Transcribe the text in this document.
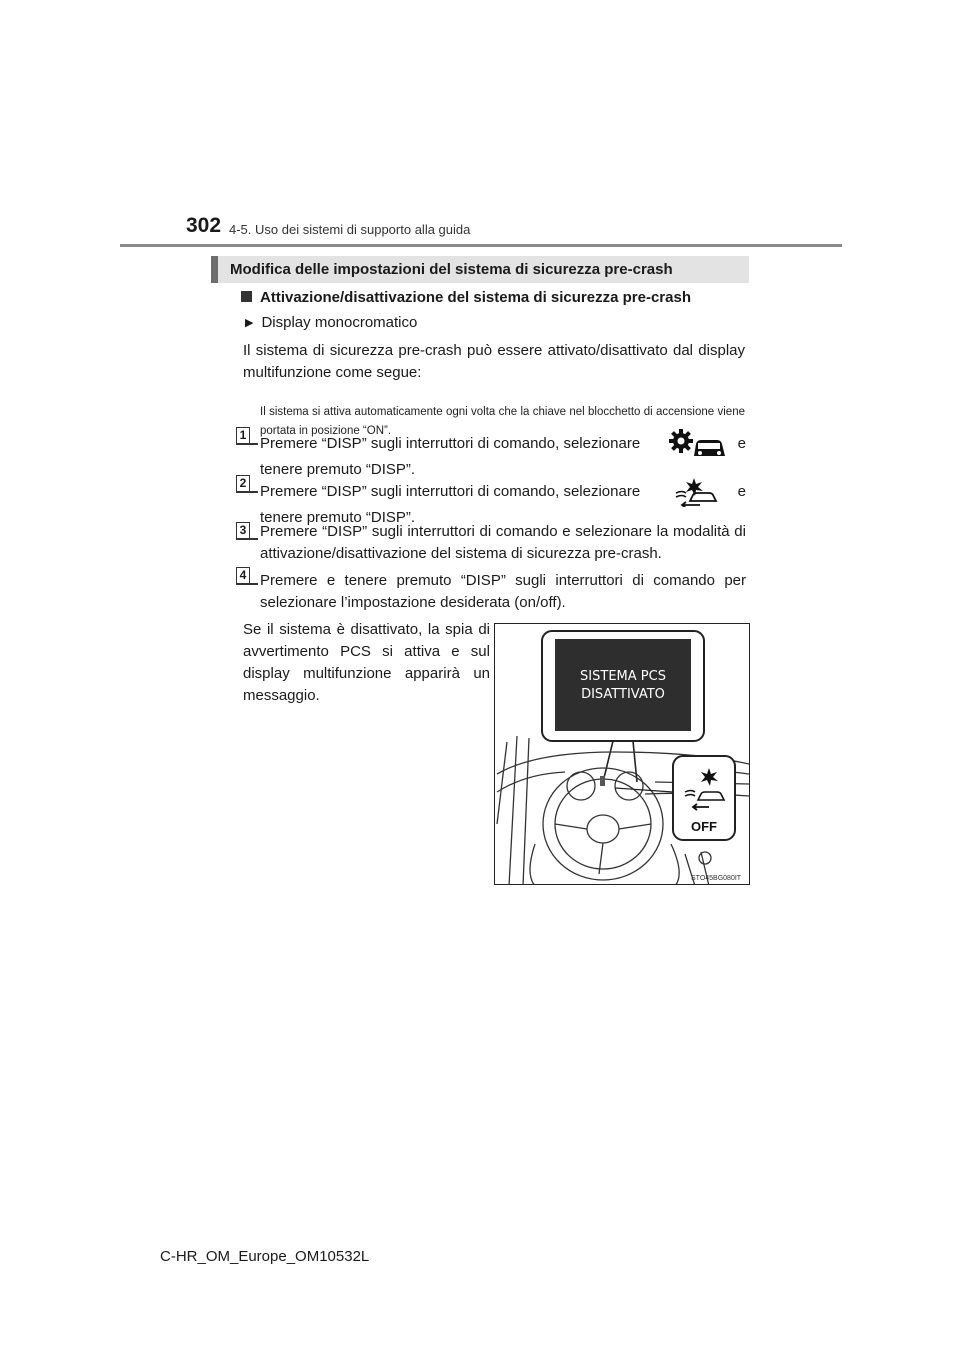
302 4-5. Uso dei sistemi di supporto alla guida
Modifica delle impostazioni del sistema di sicurezza pre-crash
Attivazione/disattivazione del sistema di sicurezza pre-crash
▶ Display monocromatico
Il sistema di sicurezza pre-crash può essere attivato/disattivato dal display multifunzione come segue:
Il sistema si attiva automaticamente ogni volta che la chiave nel blocchetto di accensione viene portata in posizione “ON”.
1 Premere “DISP” sugli interruttori di comando, selezionare	e
tenere premuto “DISP”.
2 Premere “DISP” sugli interruttori di comando, selezionare	e
tenere premuto “DISP”.
3 Premere “DISP” sugli interruttori di comando e selezionare la modalità di attivazione/disattivazione del sistema di sicurezza pre-crash.
4 Premere e tenere premuto “DISP” sugli interruttori di comando per selezionare l’impostazione desiderata (on/off).
Se il sistema è disattivato, la spia di avvertimento PCS si attiva e sul display multifunzione apparirà un messaggio.
SISTEMA PCS
DISATTIVATO
OFF
STO45BG080IT
C-HR_OM_Europe_OM10532L
